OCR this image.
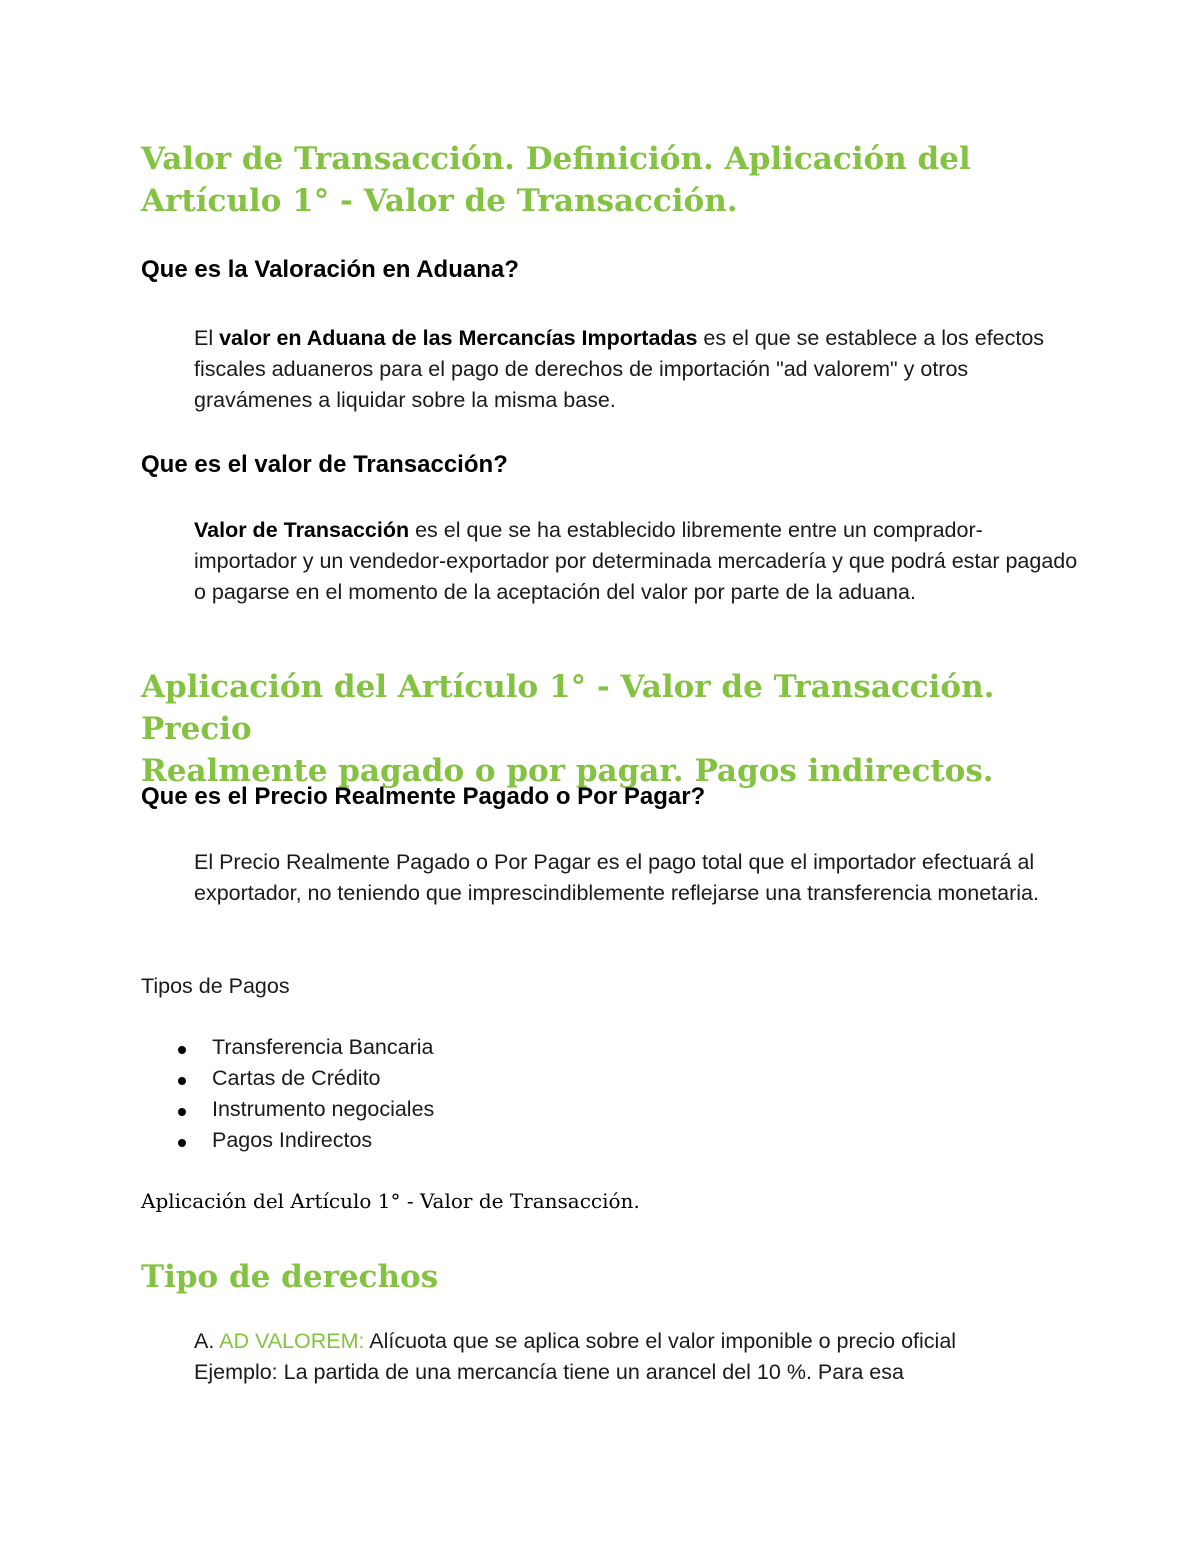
Valor de Transacción. Definición. Aplicación del
Artículo 1° - Valor de Transacción.
Que es la Valoración en Aduana?

El valor en Aduana de las Mercancías Importadas es el que se establece a los efectos fiscales aduaneros para el pago de derechos de importación "ad valorem" y otros gravámenes a liquidar sobre la misma base.

Que es el valor de Transacción?

Valor de Transacción es el que se ha establecido libremente entre un comprador-importador y un vendedor-exportador por determinada mercadería y que podrá estar pagado o pagarse en el momento de la aceptación del valor por parte de la aduana.

Aplicación del Artículo 1° - Valor de Transacción. Precio
Realmente pagado o por pagar. Pagos indirectos.
Que es el Precio Realmente Pagado o Por Pagar?

El Precio Realmente Pagado o Por Pagar es el pago total que el importador efectuará al exportador, no teniendo que imprescindiblemente reflejarse una transferencia monetaria.

Tipos de Pagos

Transferencia Bancaria
Cartas de Crédito
Instrumento negociales
Pagos Indirectos

Aplicación del Artículo 1° - Valor de Transacción.

Tipo de derechos

A. AD VALOREM: Alícuota que se aplica sobre el valor imponible o precio oficial
Ejemplo: La partida de una mercancía tiene un arancel del 10 %. Para esa
